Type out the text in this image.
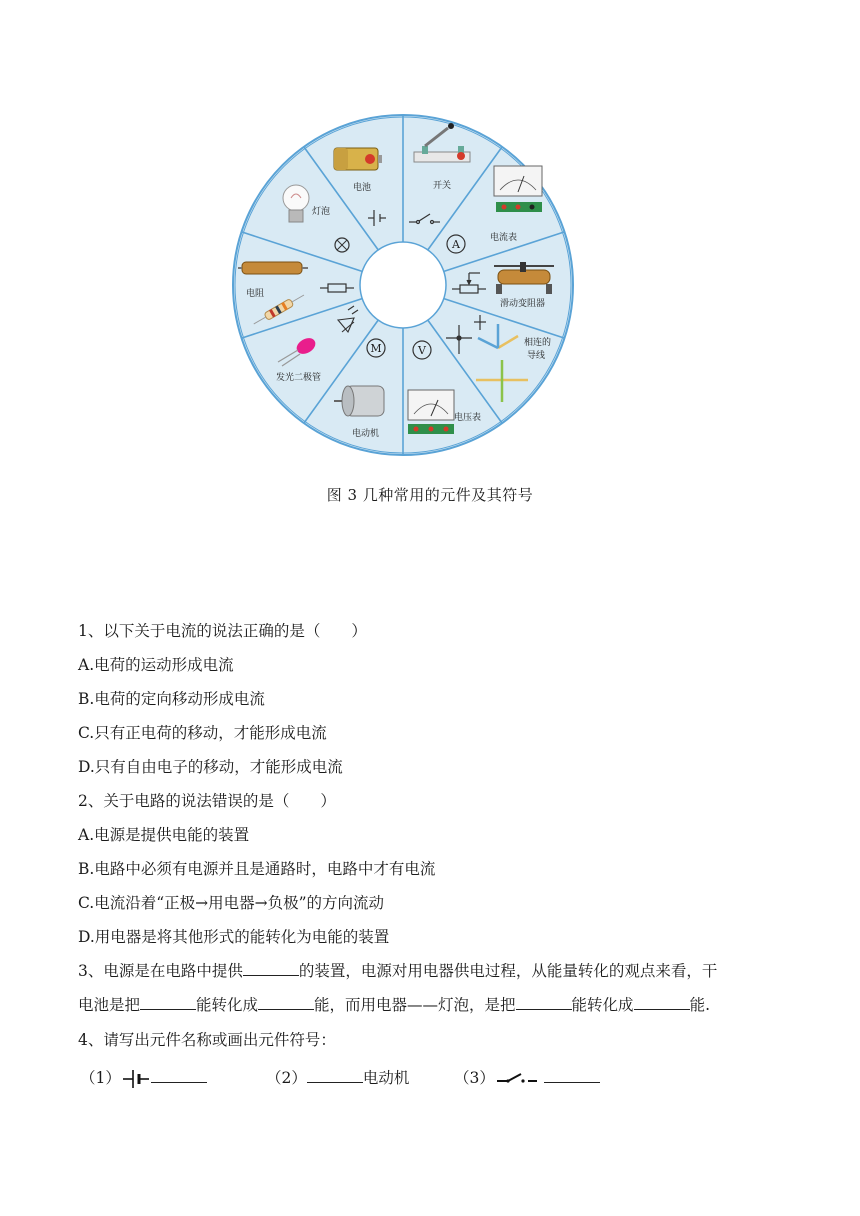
电池	开关
电流表
A
滑动变阻器
相连的
导线
电压表
V
电动机
M
发光二极管
电阻
灯泡
图 3 几种常用的元件及其符号
1、以下关于电流的说法正确的是（　　）
A.电荷的运动形成电流
B.电荷的定向移动形成电流
C.只有正电荷的移动，才能形成电流
D.只有自由电子的移动，才能形成电流
2、关于电路的说法错误的是（　　）
A.电源是提供电能的装置
B.电路中必须有电源并且是通路时，电路中才有电流
C.电流沿着“正极→用电器→负极”的方向流动
D.用电器是将其他形式的能转化为电能的装置
3、电源是在电路中提供	的装置，电源对用电器供电过程，从能量转化的观点来看，干
电池是把	能转化成	能，而用电器——灯泡，是把	能转化成	能.
4、请写出元件名称或画出元件符号：
（1）	（2）	电动机	（3）
